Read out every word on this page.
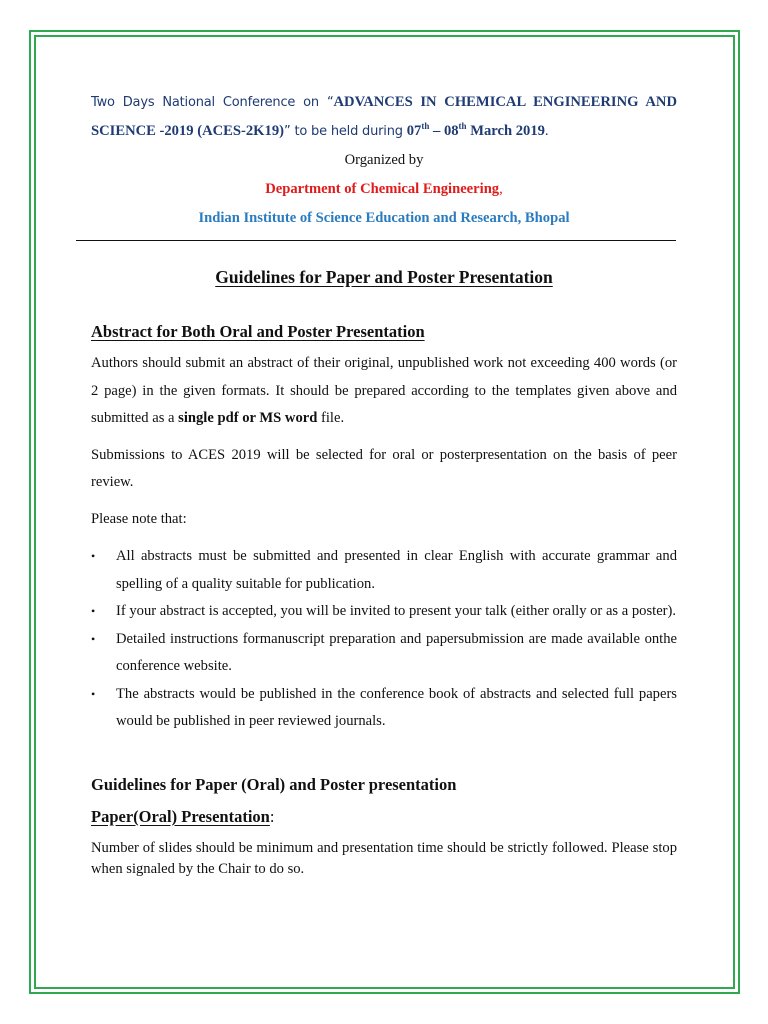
Two Days National Conference on “ADVANCES IN CHEMICAL ENGINEERING AND SCIENCE -2019 (ACES-2K19)” to be held during 07th – 08th March 2019.
Organized by
Department of Chemical Engineering,
Indian Institute of Science Education and Research, Bhopal
Guidelines for Paper and Poster Presentation
Abstract for Both Oral and Poster Presentation
Authors should submit an abstract of their original, unpublished work not exceeding 400 words (or 2 page) in the given formats. It should be prepared according to the templates given above and submitted as a single pdf or MS word file.
Submissions to ACES 2019 will be selected for oral or posterpresentation on the basis of peer review.
Please note that:
• All abstracts must be submitted and presented in clear English with accurate grammar and spelling of a quality suitable for publication.
• If your abstract is accepted, you will be invited to present your talk (either orally or as a poster).
• Detailed instructions formanuscript preparation and papersubmission are made available onthe conference website.
• The abstracts would be published in the conference book of abstracts and selected full papers would be published in peer reviewed journals.
Guidelines for Paper (Oral) and Poster presentation
Paper(Oral) Presentation:
Number of slides should be minimum and presentation time should be strictly followed. Please stop when signaled by the Chair to do so.
